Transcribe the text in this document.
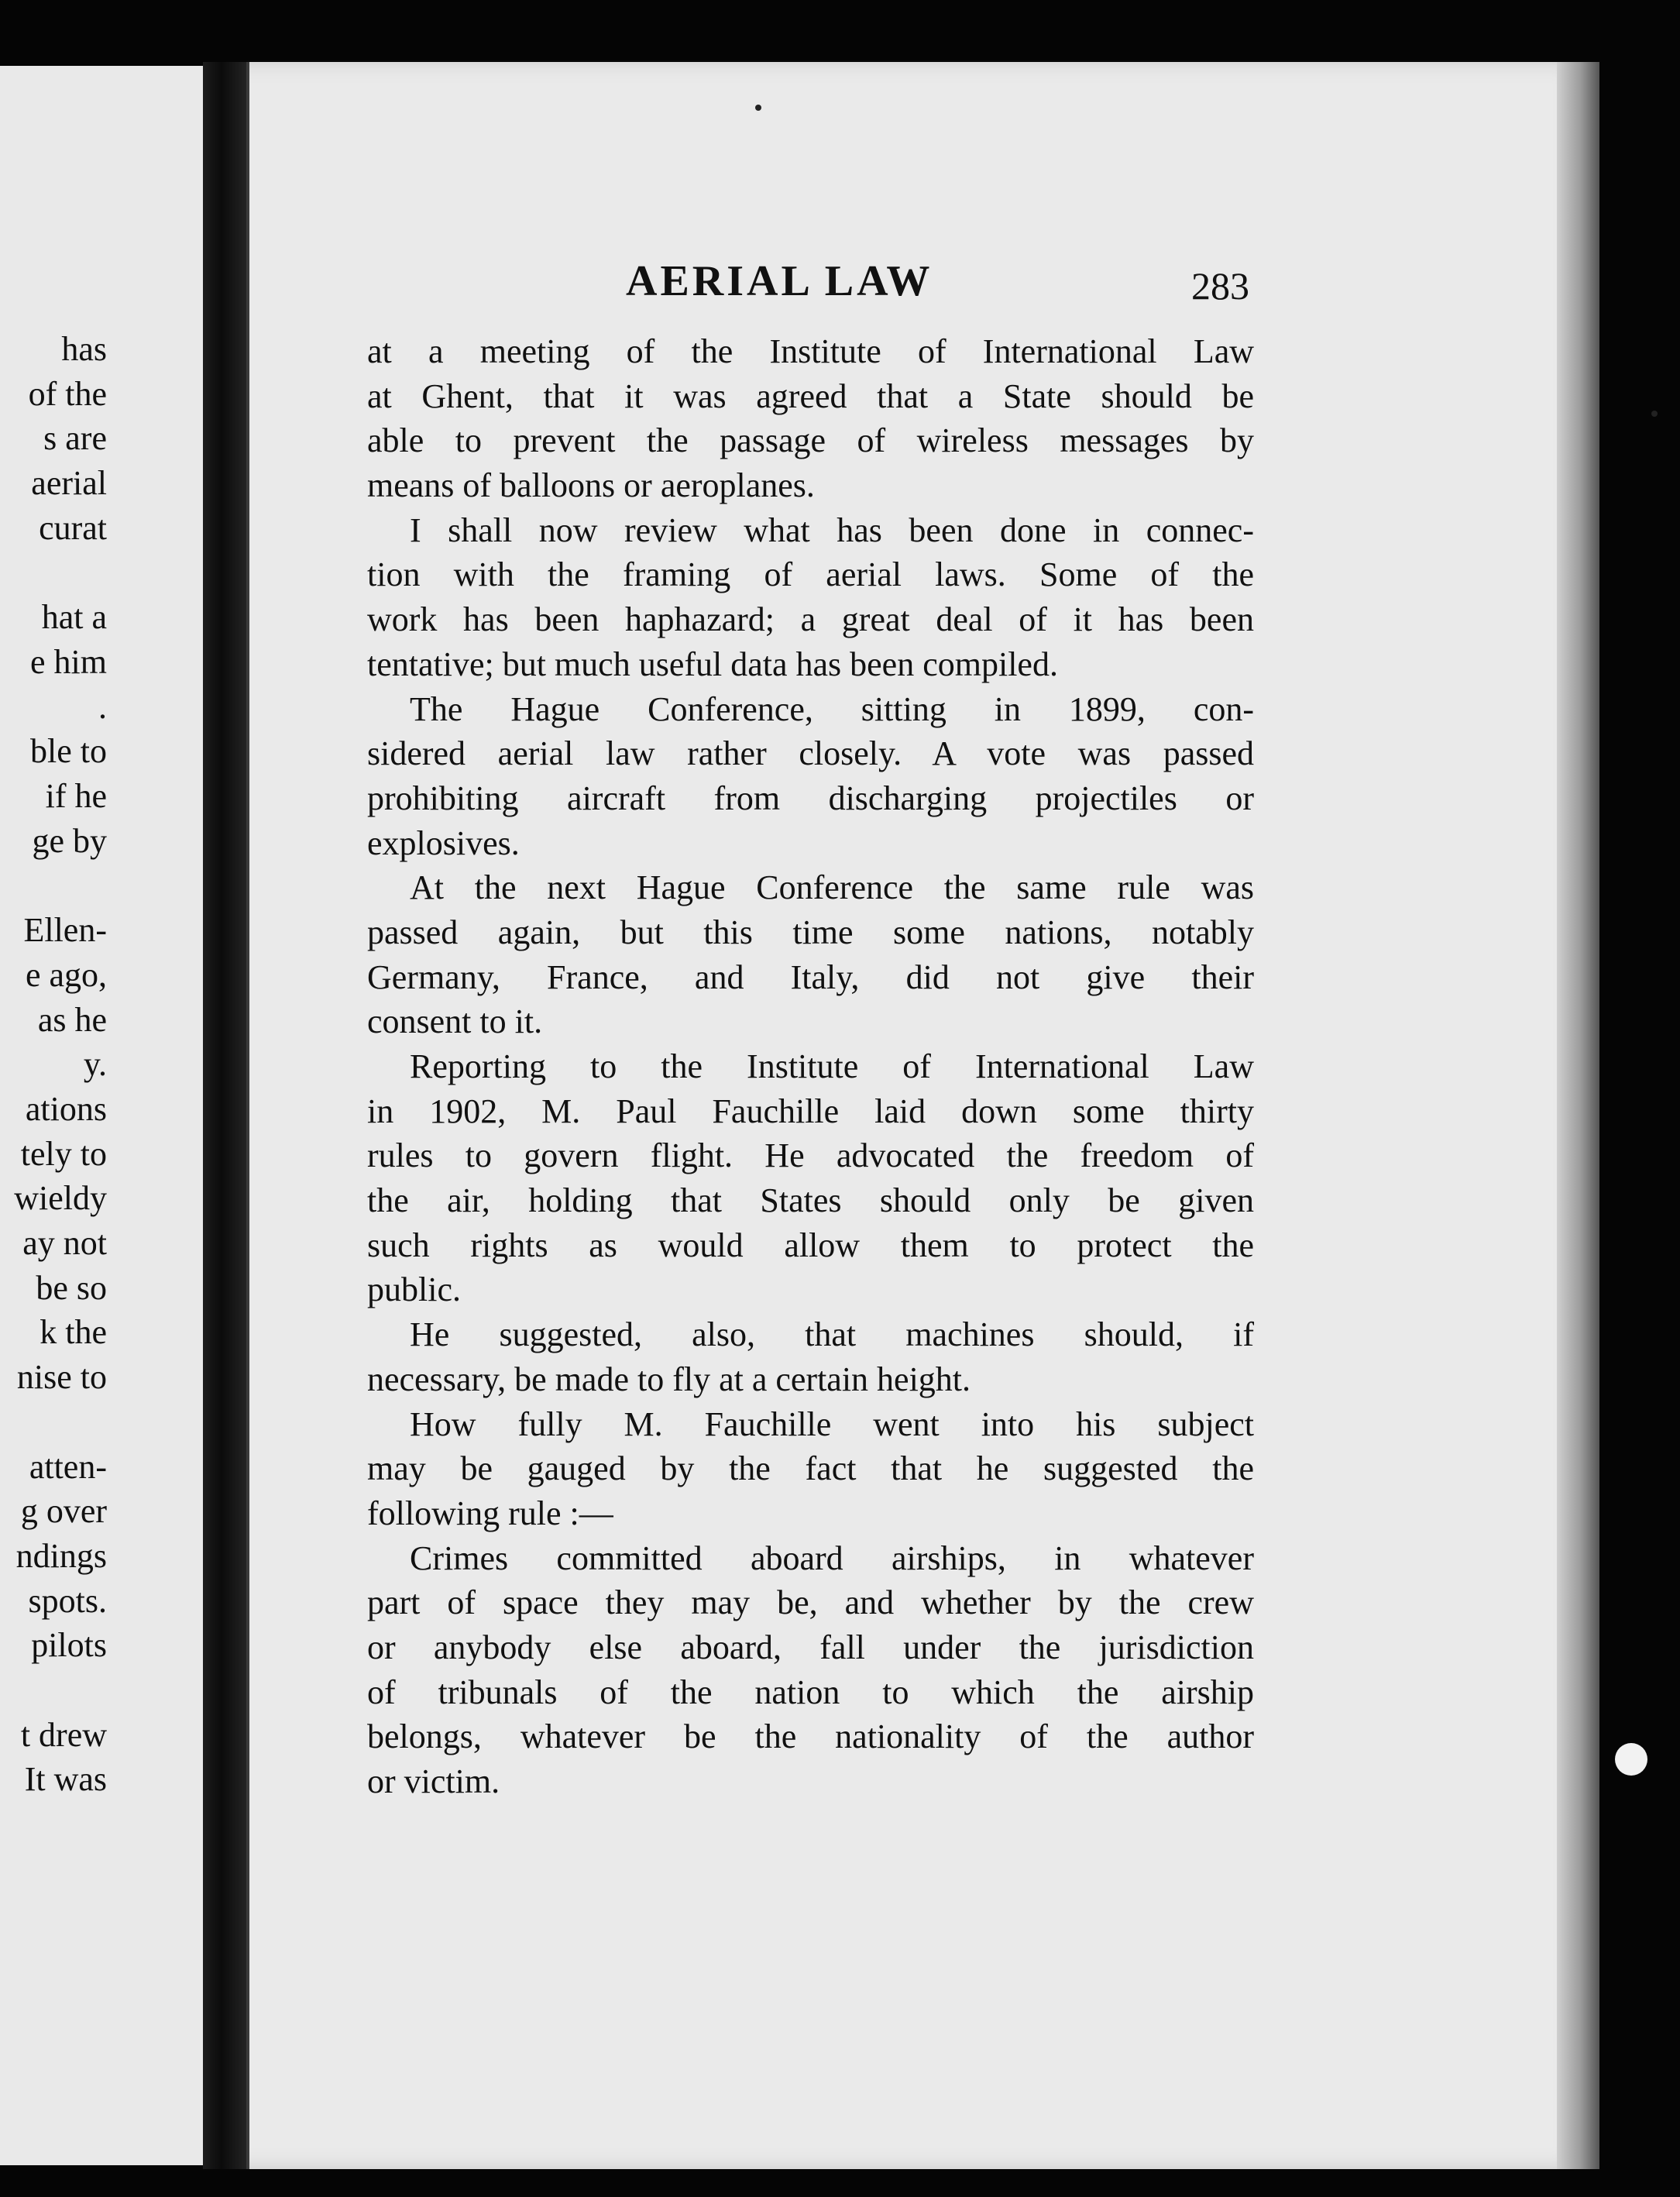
has
of the
s are
aerial
curat
hat a
e him
.
ble to
if he
ge by
Ellen-
e ago,
as he
y.
ations
tely to
wieldy
ay not
be so
k the
nise to
atten-
g over
ndings
spots.
pilots
t drew
It was
AERIAL LAW	283
at a meeting of the Institute of International Law
at Ghent, that it was agreed that a State should be
able to prevent the passage of wireless messages by
means of balloons or aeroplanes.
I shall now review what has been done in connec-
tion with the framing of aerial laws. Some of the
work has been haphazard; a great deal of it has been
tentative; but much useful data has been compiled.
The Hague Conference, sitting in 1899, con-
sidered aerial law rather closely. A vote was passed
prohibiting aircraft from discharging projectiles or
explosives.
At the next Hague Conference the same rule was
passed again, but this time some nations, notably
Germany, France, and Italy, did not give their
consent to it.
Reporting to the Institute of International Law
in 1902, M. Paul Fauchille laid down some thirty
rules to govern flight. He advocated the freedom of
the air, holding that States should only be given
such rights as would allow them to protect the
public.
He suggested, also, that machines should, if
necessary, be made to fly at a certain height.
How fully M. Fauchille went into his subject
may be gauged by the fact that he suggested the
following rule :—
Crimes committed aboard airships, in whatever
part of space they may be, and whether by the crew
or anybody else aboard, fall under the jurisdiction
of tribunals of the nation to which the airship
belongs, whatever be the nationality of the author
or victim.
